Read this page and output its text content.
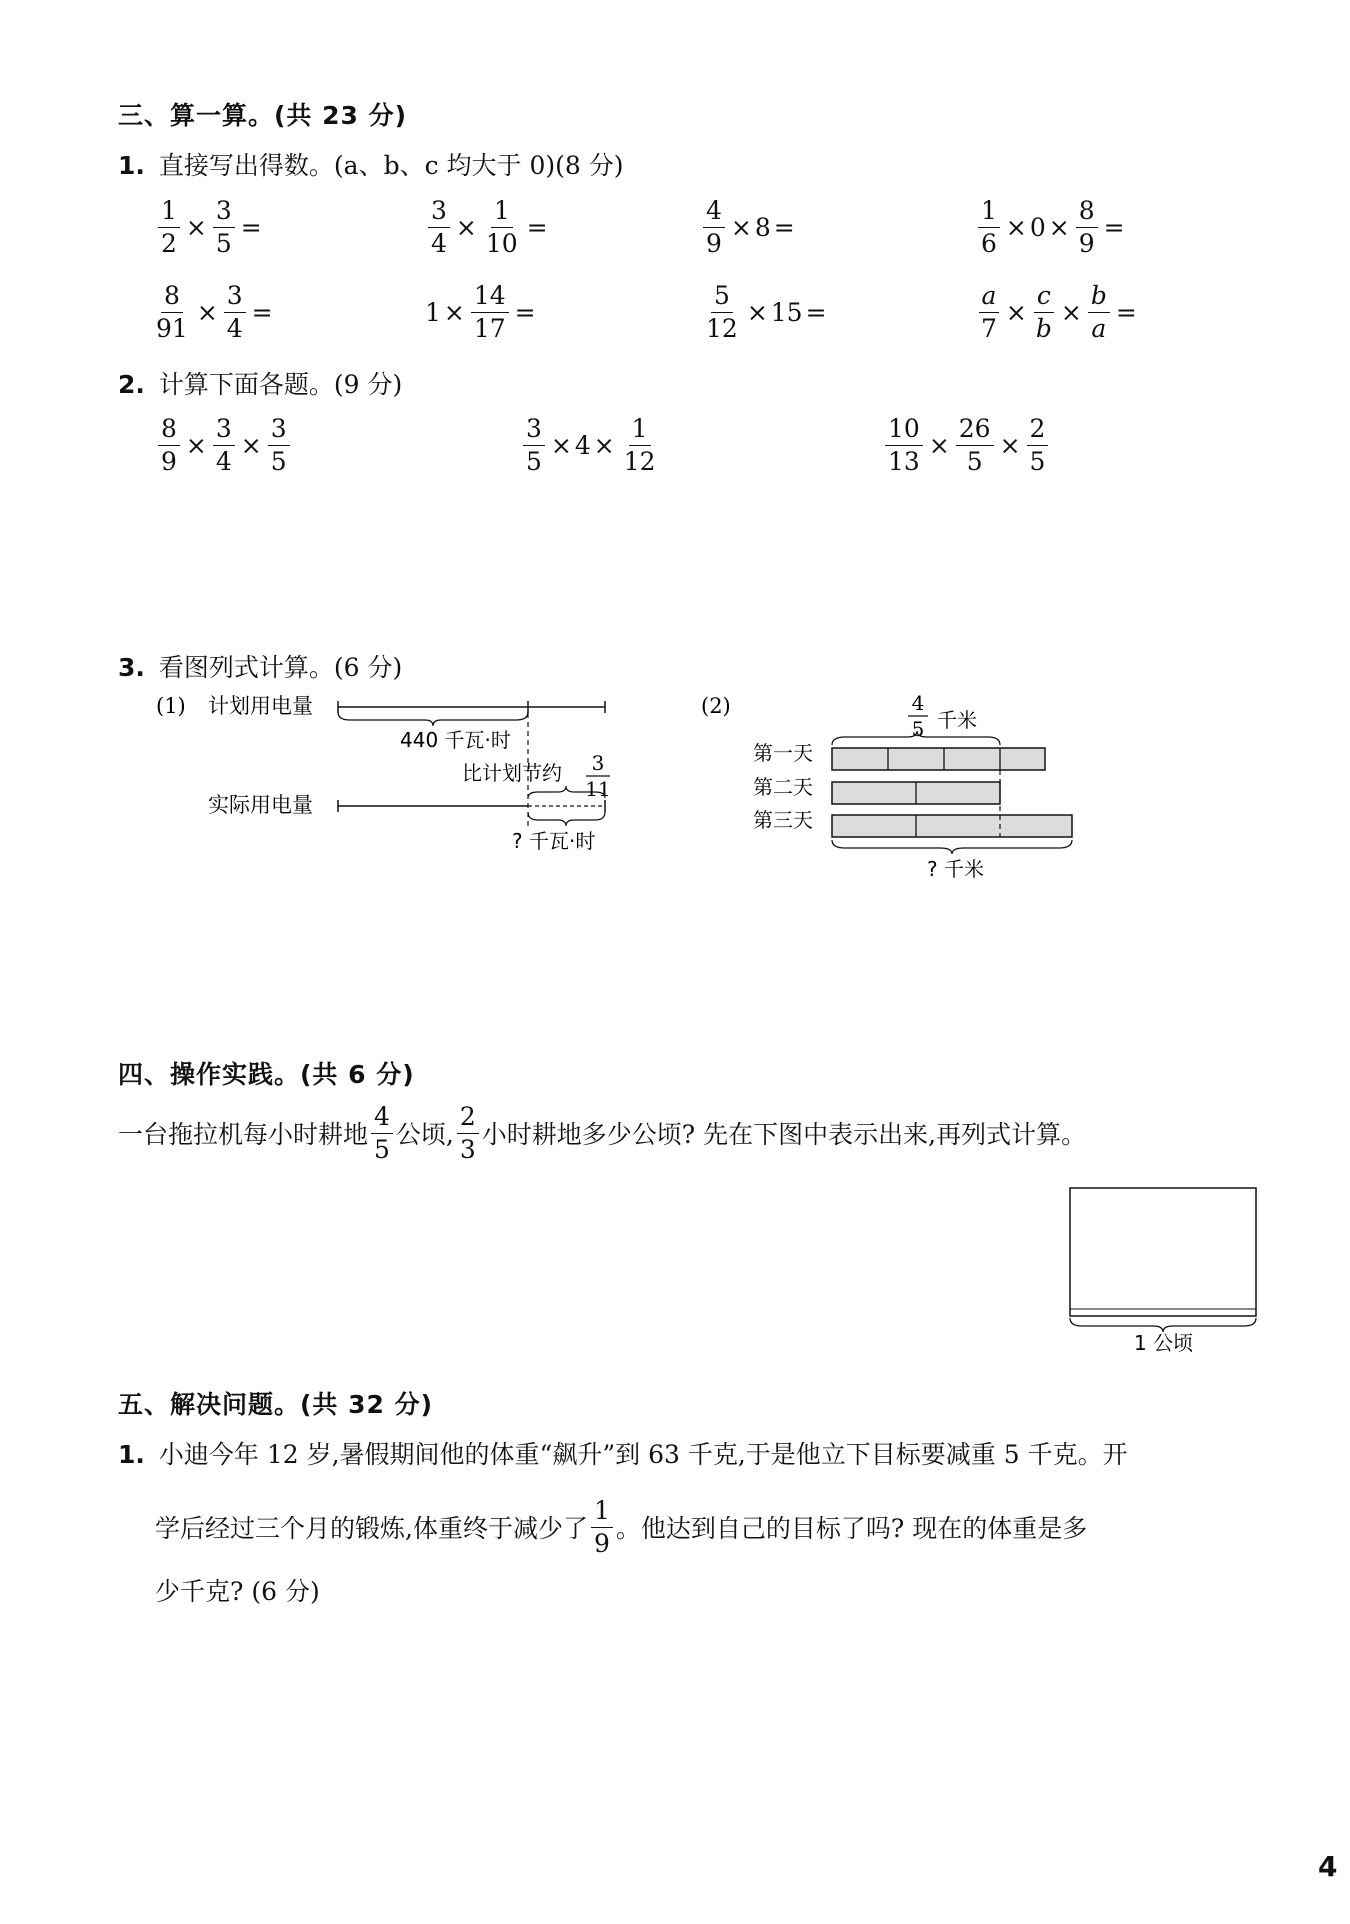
三、算一算。(共 23 分)
1. 直接写出得数。(a、b、c 均大于 0)(8 分)
$\frac{1}{2} \times \frac{3}{5}$ =	$\frac{3}{4} \times \frac{1}{10}$ =	$\frac{4}{9} \times 8$ =	$\frac{1}{6} \times 0 \times \frac{8}{9}$ =
$\frac{8}{91} \times \frac{3}{4}$ =	$1 \times \frac{14}{17}$ =	$\frac{5}{12} \times 15$ =	$\frac{a}{7} \times \frac{c}{b} \times \frac{b}{a}$ =
2. 计算下面各题。(9 分)
$\frac{8}{9} \times \frac{3}{4} \times \frac{3}{5}$	$\frac{3}{5} \times 4 \times \frac{1}{12}$	$\frac{10}{13} \times \frac{26}{5} \times \frac{2}{5}$
3. 看图列式计算。(6 分)
(1) 计划用电量
440 千瓦·时
比计划节约 3
11
实际用电量
? 千瓦·时
(2)	4
5 千米
第一天
第二天
第三天
? 千米
四、操作实践。(共 6 分)
一台拖拉机每小时耕地 $\frac{4}{5}$ 公顷, $\frac{2}{3}$ 小时耕地多少公顷? 先在下图中表示出来,再列式计算。
1 公顷
五、解决问题。(共 32 分)
1. 小迪今年 12 岁,暑假期间他的体重“飙升”到 63 千克,于是他立下目标要减重 5 千克。开
学后经过三个月的锻炼,体重终于减少了 $\frac{1}{9}$ 。他达到自己的目标了吗? 现在的体重是多
少千克? (6 分)
4
